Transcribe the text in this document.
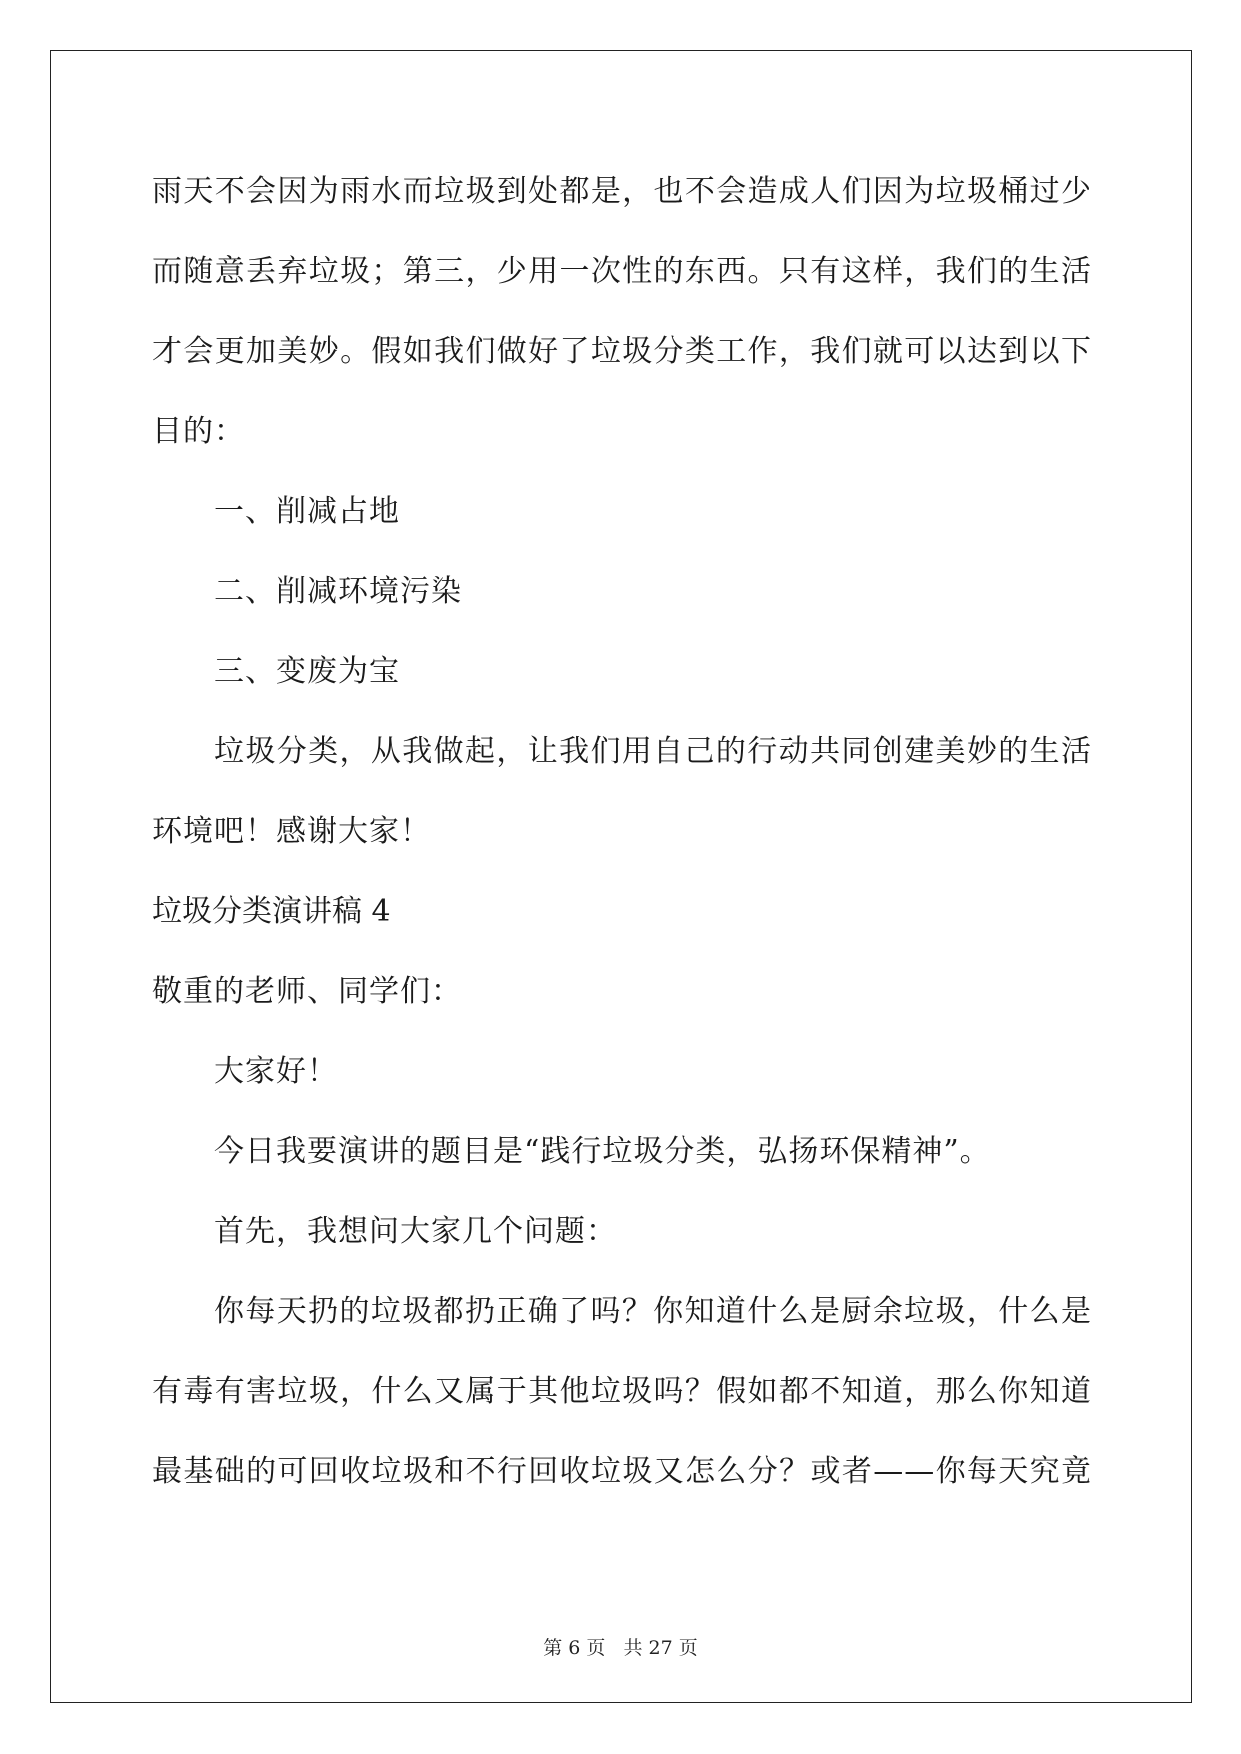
雨天不会因为雨水而垃圾到处都是，也不会造成人们因为垃圾桶过少
而随意丢弃垃圾；第三，少用一次性的东西。只有这样，我们的生活
才会更加美妙。假如我们做好了垃圾分类工作，我们就可以达到以下
目的：
一、削减占地
二、削减环境污染
三、变废为宝
垃圾分类，从我做起，让我们用自己的行动共同创建美妙的生活
环境吧！感谢大家！
垃圾分类演讲稿 4
敬重的老师、同学们：
大家好！
今日我要演讲的题目是“践行垃圾分类，弘扬环保精神”。
首先，我想问大家几个问题：
你每天扔的垃圾都扔正确了吗？你知道什么是厨余垃圾，什么是
有毒有害垃圾，什么又属于其他垃圾吗？假如都不知道，那么你知道
最基础的可回收垃圾和不行回收垃圾又怎么分？或者——你每天究竟
第 6 页 共 27 页
